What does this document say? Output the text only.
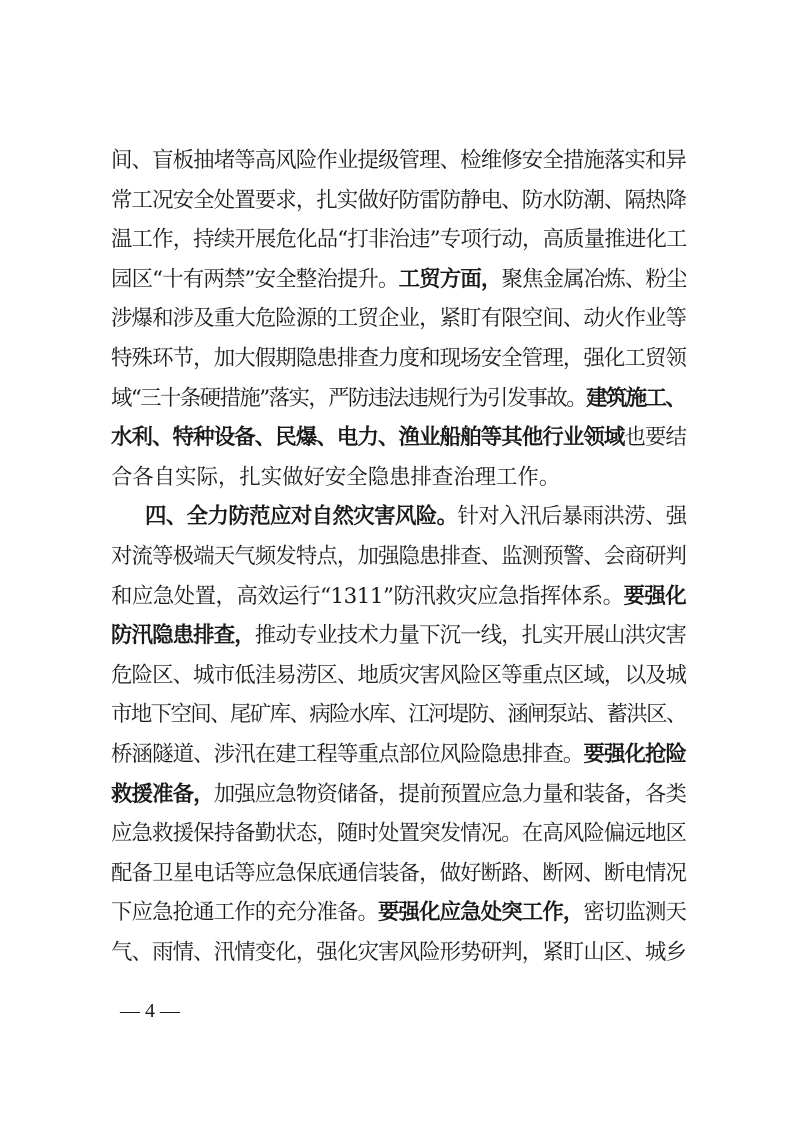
间、盲板抽堵等高风险作业提级管理、检维修安全措施落实和异
常工况安全处置要求，扎实做好防雷防静电、防水防潮、隔热降
温工作，持续开展危化品“打非治违”专项行动，高质量推进化工
园区“十有两禁”安全整治提升。工贸方面，聚焦金属冶炼、粉尘
涉爆和涉及重大危险源的工贸企业，紧盯有限空间、动火作业等
特殊环节，加大假期隐患排查力度和现场安全管理，强化工贸领
域“三十条硬措施”落实，严防违法违规行为引发事故。建筑施工、
水利、特种设备、民爆、电力、渔业船舶等其他行业领域也要结
合各自实际，扎实做好安全隐患排查治理工作。
四、全力防范应对自然灾害风险。针对入汛后暴雨洪涝、强
对流等极端天气频发特点，加强隐患排查、监测预警、会商研判
和应急处置，高效运行“1311”防汛救灾应急指挥体系。要强化
防汛隐患排查，推动专业技术力量下沉一线，扎实开展山洪灾害
危险区、城市低洼易涝区、地质灾害风险区等重点区域，以及城
市地下空间、尾矿库、病险水库、江河堤防、涵闸泵站、蓄洪区、
桥涵隧道、涉汛在建工程等重点部位风险隐患排查。要强化抢险
救援准备，加强应急物资储备，提前预置应急力量和装备，各类
应急救援保持备勤状态，随时处置突发情况。在高风险偏远地区
配备卫星电话等应急保底通信装备，做好断路、断网、断电情况
下应急抢通工作的充分准备。要强化应急处突工作，密切监测天
气、雨情、汛情变化，强化灾害风险形势研判，紧盯山区、城乡
— 4 —
